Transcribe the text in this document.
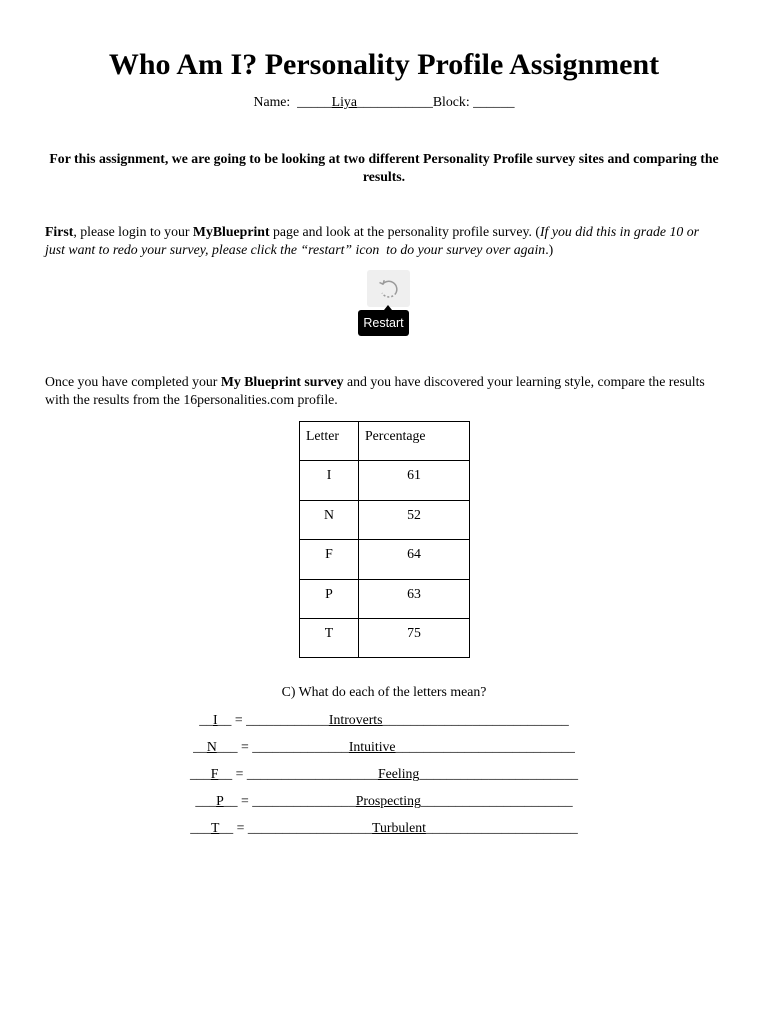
Who Am I? Personality Profile Assignment
Name: _____Liya___________Block: ______

For this assignment, we are going to be looking at two different Personality Profile survey sites and comparing the results.

First, please login to your MyBlueprint page and look at the personality profile survey. (If you did this in grade 10 or just want to redo your survey, please click the “restart” icon  to do your survey over again.)

Restart

Once you have completed your My Blueprint survey and you have discovered your learning style, compare the results with the results from the 16personalities.com profile.

Letter	Percentage
I	61
N	52
F	64
P	63
T	75

C) What do each of the letters mean?

__I__ = ____________Introverts___________________________
__N___ = ______________Intuitive__________________________
___F__ = ___________________Feeling_______________________
___P__ = _______________Prospecting______________________
___T__ = __________________Turbulent______________________
